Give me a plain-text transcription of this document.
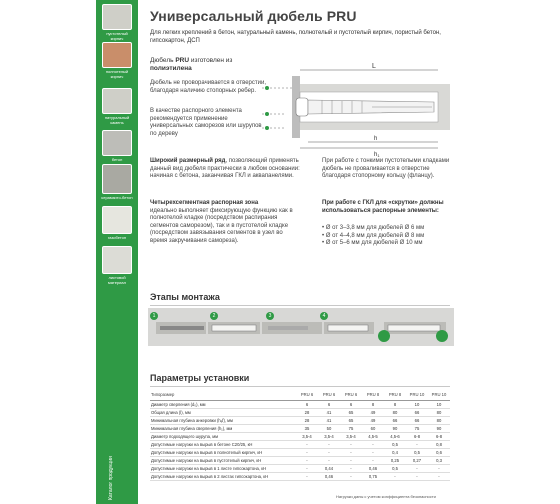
пустотелый кирпич
полнотелый кирпич
натуральный камень
бетон
керамзито-бетон
газобетон
листовой материал
Каталог продукции
Универсальный дюбель PRU
Для легких креплений в бетон, натуральный камень, полнотелый и пустотелый кирпич, пористый бетон, гипсокартон, ДСП
Дюбель PRU изготовлен из
полиэтилена
Дюбель не проворачивается в отверстии, благодаря наличию стопорных ребер.
В качестве распорного элемента рекомендуется применение универсальных саморезов или шурупов по дереву
L
h
h1
Широкий размерный ряд, позволяющий применять данный вид дюбеля практически в любом основании: начиная с бетона, заканчивая ГКЛ и аквапанелями.
Четырехсегментная распорная зона
идеально выполняет фиксирующую функцию как в полнотелой кладке (посредством распирания сегментов саморезом), так и в пустотелой кладке (посредством завязывания сегментов в узел во время закручивания самореза).
При работе с тонкими пустотелыми кладками дюбель не проваливается в отверстие благодаря стопорному кольцу (фланцу).
При работе с ГКЛ для «скрутки» должны использоваться распорные элементы:
• Ø от 3–3,8 мм для дюбелей Ø 6 мм
• Ø от 4–4,8 мм для дюбелей Ø 8 мм
• Ø от 5–6 мм для дюбелей Ø 10 мм
Этапы монтажа
1	2	3	4
Параметры установки
Типоразмер	PRU 6	PRU 6	PRU 6	PRU 8	PRU 8	PRU 10	PRU 10
Диаметр сверления (d₀), мм	6	6	6	8	8	10	10
Общая длина (l), мм	28	41	65	49	80	66	80
Минимальная глубина анкеровки (hₑf), мм	28	41	65	49	66	66	80
Минимальная глубина сверления (h₁), мм	35	50	75	60	90	75	90
Диаметр подходящего шурупа, мм	3,5-4	3,5-4	3,5-4	4,5-5	4,5-6	6-8	6-8
Допустимые нагрузки на вырыв в бетоне C20/25, кН	-	-	-	-	0,5	-	0,8
Допустимые нагрузки на вырыв в полнотелый кирпич, кН	-	-	-	-	0,4	0,5	0,6
Допустимые нагрузки на вырыв в пустотелый кирпич, кН	-	-	-	-	0,25	0,27	0,3
Допустимые нагрузки на вырыв в 1 листе гипсокартона, кН	-	0,44	-	0,46	0,5	-	-
Допустимые нагрузки на вырыв в 2 листах гипсокартона, кН	-	0,46	-	0,75	-	-	-
Нагрузки даны с учетом коэффициента безопасности
